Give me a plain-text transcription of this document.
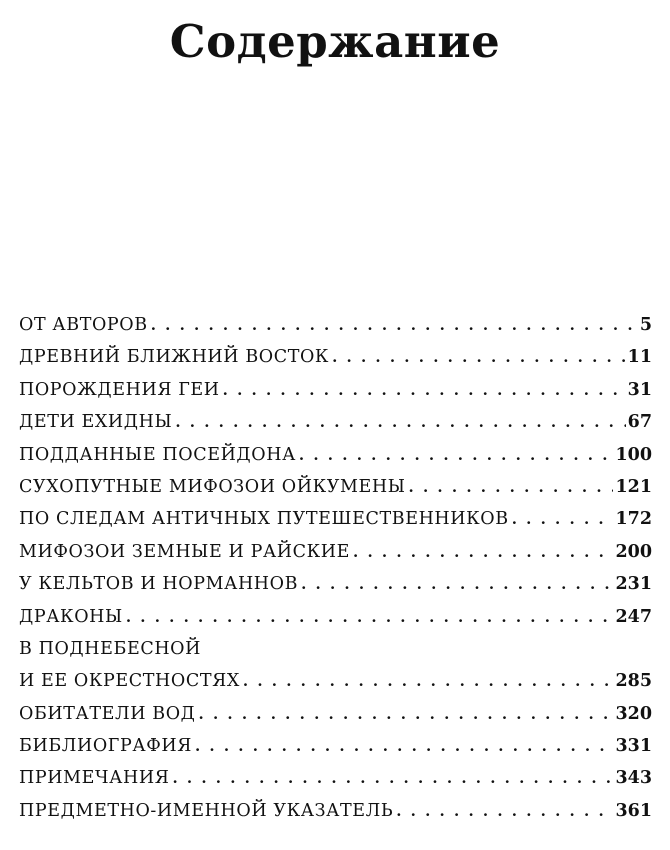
Содержание
ОТ АВТОРОВ . . .	5
ДРЕВНИЙ БЛИЖНИЙ ВОСТОК . . .	11
ПОРОЖДЕНИЯ ГЕИ . . .	31
ДЕТИ ЕХИДНЫ . . .	67
ПОДДАННЫЕ ПОСЕЙДОНА . . .	100
СУХОПУТНЫЕ МИФОЗОИ ОЙКУМЕНЫ . . .	121
ПО СЛЕДАМ АНТИЧНЫХ ПУТЕШЕСТВЕННИКОВ . . .	172
МИФОЗОИ ЗЕМНЫЕ И РАЙСКИЕ . . .	200
У КЕЛЬТОВ И НОРМАННОВ . . .	231
ДРАКОНЫ . . .	247
В ПОДНЕБЕСНОЙ
И ЕЕ ОКРЕСТНОСТЯХ . . .	285
ОБИТАТЕЛИ ВОД . . .	320
БИБЛИОГРАФИЯ . . .	331
ПРИМЕЧАНИЯ . . .	343
ПРЕДМЕТНО-ИМЕННОЙ УКАЗАТЕЛЬ . . .	361
